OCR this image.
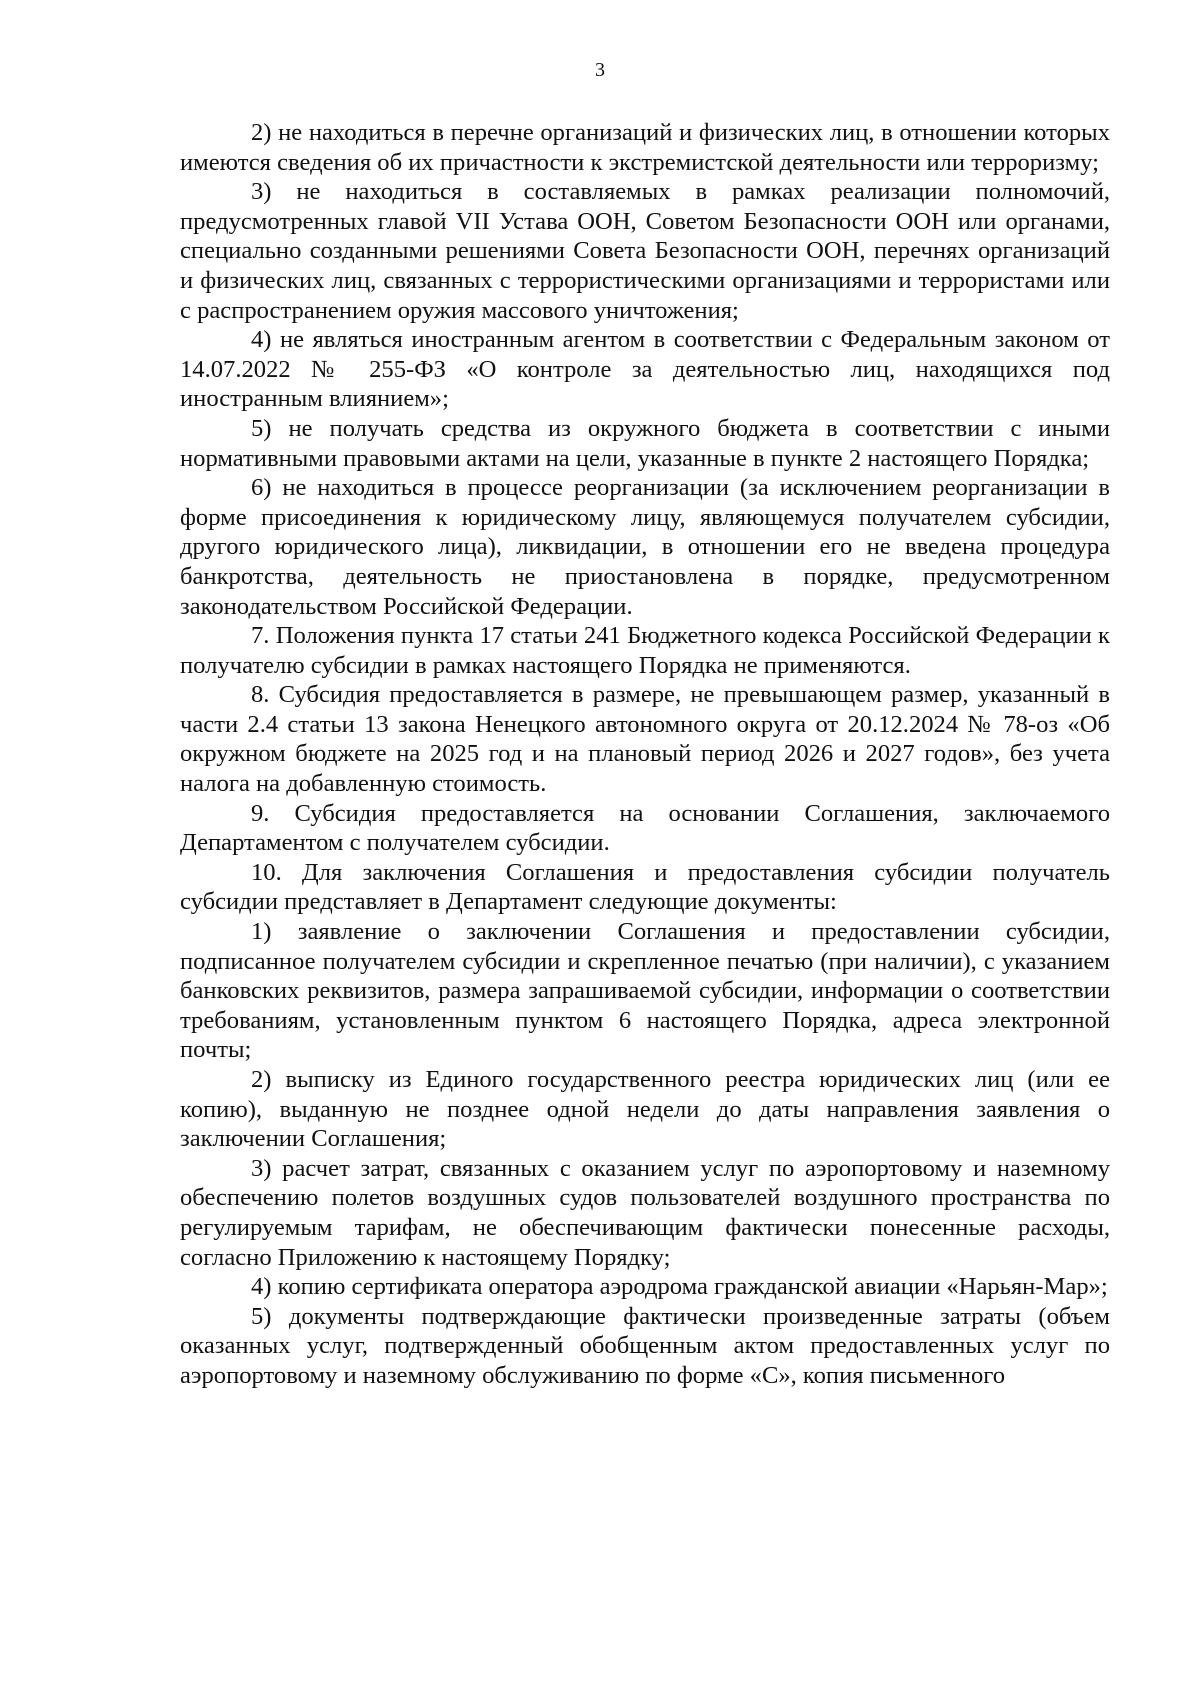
3

2) не находиться в перечне организаций и физических лиц, в отношении которых имеются сведения об их причастности к экстремистской деятельности или терроризму;

3) не находиться в составляемых в рамках реализации полномочий, предусмотренных главой VII Устава ООН, Советом Безопасности ООН или органами, специально созданными решениями Совета Безопасности ООН, перечнях организаций и физических лиц, связанных с террористическими организациями и террористами или с распространением оружия массового уничтожения;

4) не являться иностранным агентом в соответствии с Федеральным законом от 14.07.2022 № 255-ФЗ «О контроле за деятельностью лиц, находящихся под иностранным влиянием»;

5) не получать средства из окружного бюджета в соответствии с иными нормативными правовыми актами на цели, указанные в пункте 2 настоящего Порядка;

6) не находиться в процессе реорганизации (за исключением реорганизации в форме присоединения к юридическому лицу, являющемуся получателем субсидии, другого юридического лица), ликвидации, в отношении его не введена процедура банкротства, деятельность не приостановлена в порядке, предусмотренном законодательством Российской Федерации.

7. Положения пункта 17 статьи 241 Бюджетного кодекса Российской Федерации к получателю субсидии в рамках настоящего Порядка не применяются.

8. Субсидия предоставляется в размере, не превышающем размер, указанный в части 2.4 статьи 13 закона Ненецкого автономного округа от 20.12.2024 № 78-оз «Об окружном бюджете на 2025 год и на плановый период 2026 и 2027 годов», без учета налога на добавленную стоимость.

9. Субсидия предоставляется на основании Соглашения, заключаемого Департаментом с получателем субсидии.

10. Для заключения Соглашения и предоставления субсидии получатель субсидии представляет в Департамент следующие документы:

1) заявление о заключении Соглашения и предоставлении субсидии, подписанное получателем субсидии и скрепленное печатью (при наличии), с указанием банковских реквизитов, размера запрашиваемой субсидии, информации о соответствии требованиям, установленным пунктом 6 настоящего Порядка, адреса электронной почты;

2) выписку из Единого государственного реестра юридических лиц (или ее копию), выданную не позднее одной недели до даты направления заявления о заключении Соглашения;

3) расчет затрат, связанных с оказанием услуг по аэропортовому и наземному обеспечению полетов воздушных судов пользователей воздушного пространства по регулируемым тарифам, не обеспечивающим фактически понесенные расходы, согласно Приложению к настоящему Порядку;

4) копию сертификата оператора аэродрома гражданской авиации «Нарьян-Мар»;

5) документы подтверждающие фактически произведенные затраты (объем оказанных услуг, подтвержденный обобщенным актом предоставленных услуг по аэропортовому и наземному обслуживанию по форме «С», копия письменного
